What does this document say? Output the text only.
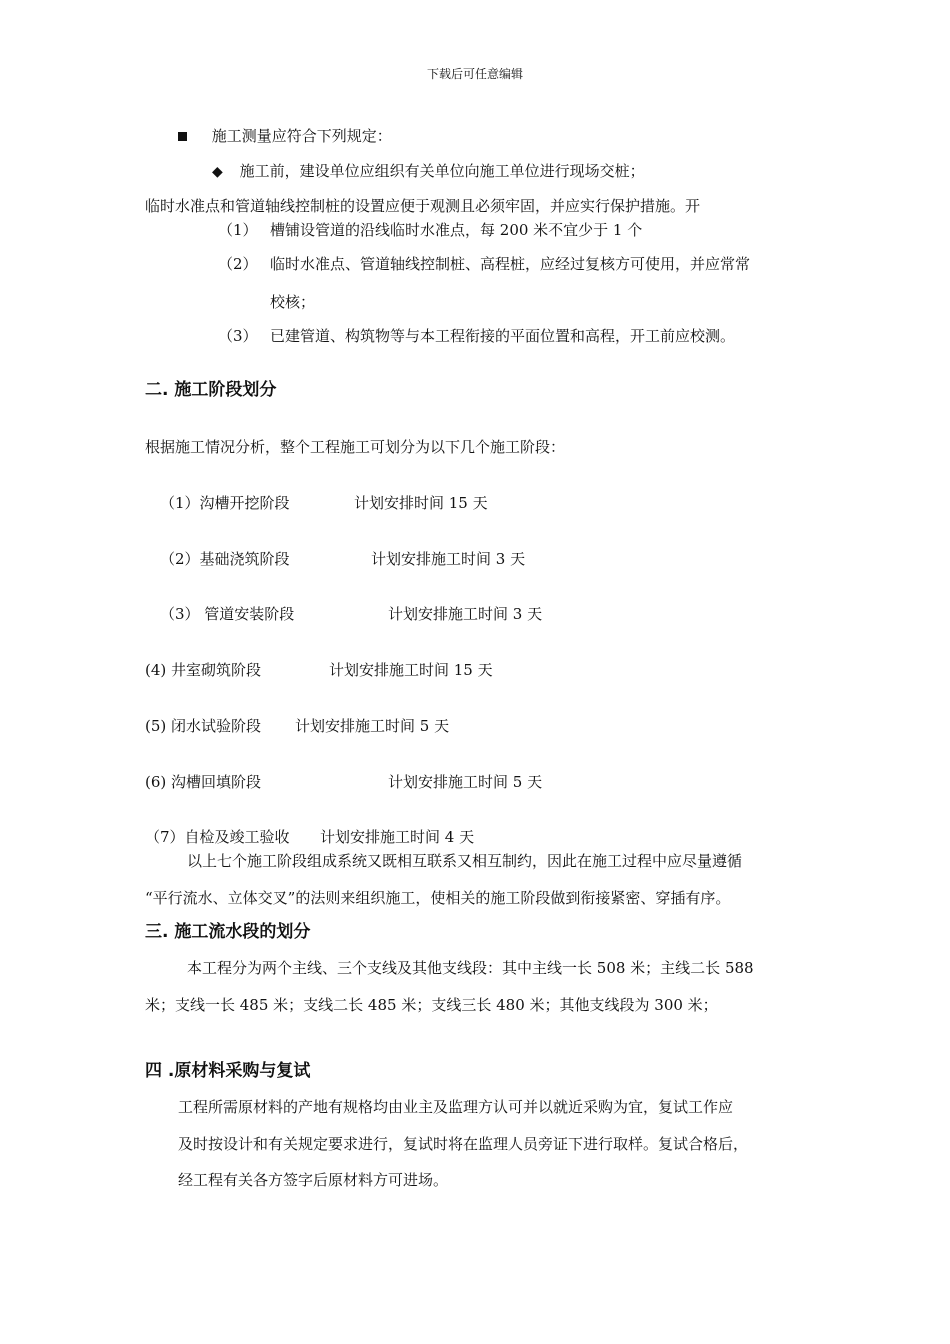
下载后可任意编辑
施工测量应符合下列规定：
◆ 施工前，建设单位应组织有关单位向施工单位进行现场交桩；
临时水准点和管道轴线控制桩的设置应便于观测且必须牢固，并应实行保护措施。开
（1） 槽铺设管道的沿线临时水准点，每 200 米不宜少于 1 个
（2） 临时水准点、管道轴线控制桩、高程桩，应经过复核方可使用，并应常常
校核；
（3） 已建管道、构筑物等与本工程衔接的平面位置和高程，开工前应校测。
二. 施工阶段划分
根据施工情况分析，整个工程施工可划分为以下几个施工阶段：
（1）沟槽开挖阶段	计划安排时间 15 天
（2）基础浇筑阶段	计划安排施工时间 3 天
（3） 管道安装阶段	计划安排施工时间 3 天
(4) 井室砌筑阶段	计划安排施工时间 15 天
(5) 闭水试验阶段 计划安排施工时间 5 天
(6) 沟槽回填阶段	计划安排施工时间 5 天
（7）自检及竣工验收 计划安排施工时间 4 天
以上七个施工阶段组成系统又既相互联系又相互制约，因此在施工过程中应尽量遵循
“平行流水、立体交叉”的法则来组织施工，使相关的施工阶段做到衔接紧密、穿插有序。
三. 施工流水段的划分
本工程分为两个主线、三个支线及其他支线段：其中主线一长 508 米；主线二长 588
米；支线一长 485 米；支线二长 485 米；支线三长 480 米；其他支线段为 300 米；
四 .原材料采购与复试
工程所需原材料的产地有规格均由业主及监理方认可并以就近采购为宜，复试工作应
及时按设计和有关规定要求进行，复试时将在监理人员旁证下进行取样。复试合格后，
经工程有关各方签字后原材料方可进场。
